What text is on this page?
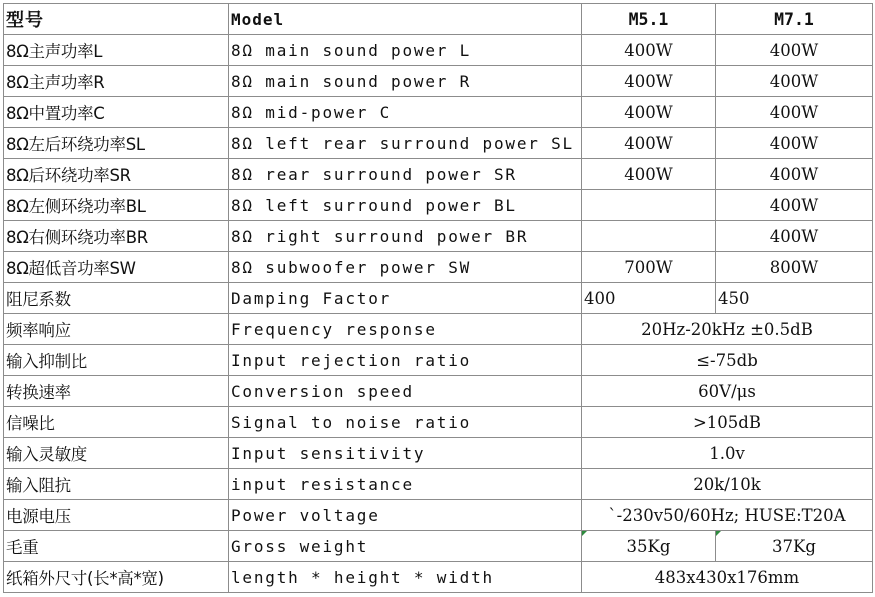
型号	Model	M5.1	M7.1
8Ω主声功率L	8Ω main sound power L	400W	400W
8Ω主声功率R	8Ω main sound power R	400W	400W
8Ω中置功率C	8Ω mid-power C	400W	400W
8Ω左后环绕功率SL	8Ω left rear surround power SL	400W	400W
8Ω后环绕功率SR	8Ω rear surround power SR	400W	400W
8Ω左侧环绕功率BL	8Ω left surround power BL		400W
8Ω右侧环绕功率BR	8Ω right surround power BR		400W
8Ω超低音功率SW	8Ω subwoofer power SW	700W	800W
阻尼系数	Damping Factor	400	450
频率响应	Frequency response	20Hz-20kHz ±0.5dB	
输入抑制比	Input rejection ratio	≤-75db	
转换速率	Conversion speed	60V/μs	
信噪比	Signal to noise ratio	>105dB	
输入灵敏度	Input sensitivity	1.0v	
输入阻抗	input resistance	20k/10k	
电源电压	Power voltage	`-230v50/60Hz; HUSE:T20A	
毛重	Gross weight	35Kg	37Kg
纸箱外尺寸(长*高*宽)	length * height * width	483x430x176mm	
